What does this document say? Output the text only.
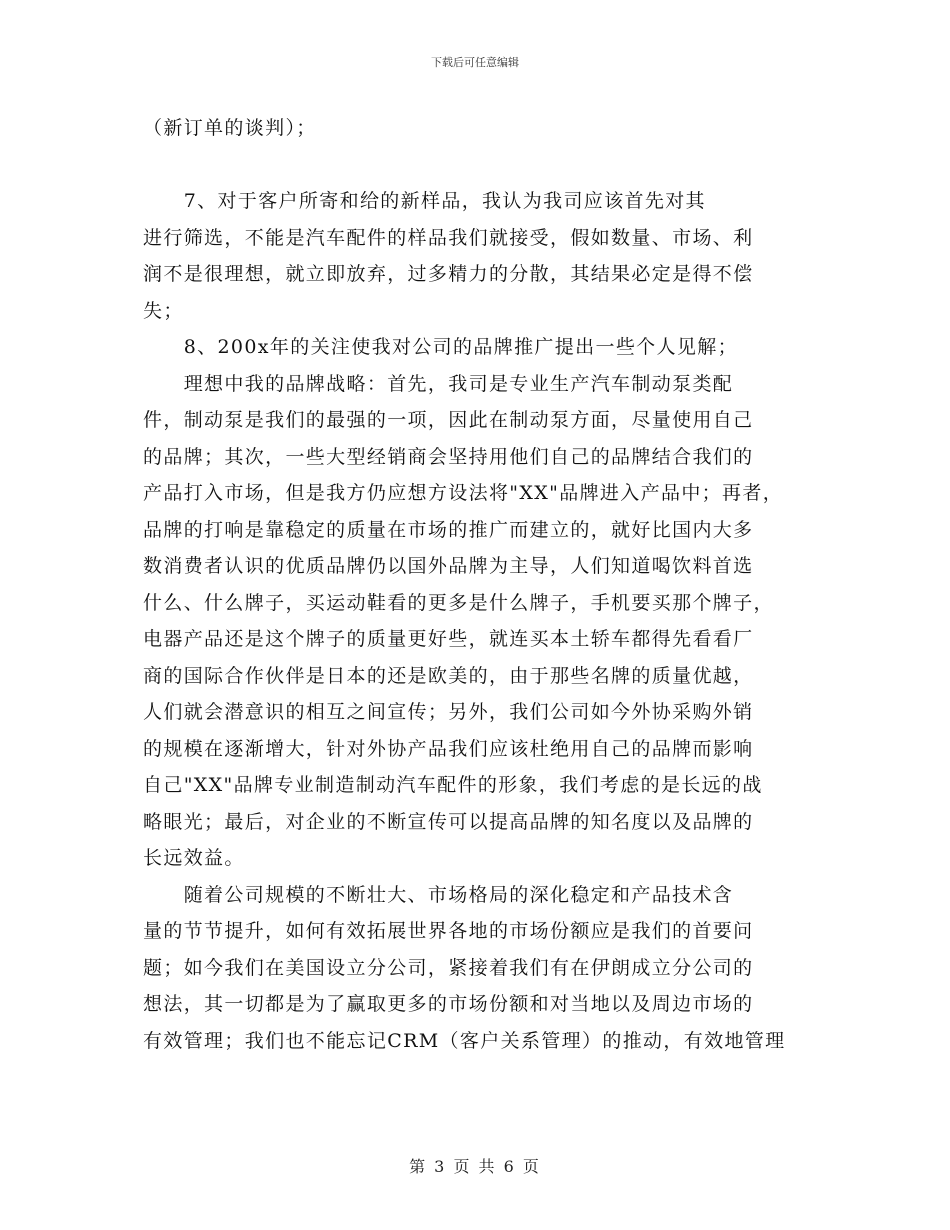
下载后可任意编辑
（新订单的谈判）；
　　7、对于客户所寄和给的新样品，我认为我司应该首先对其
进行筛选，不能是汽车配件的样品我们就接受，假如数量、市场、利
润不是很理想，就立即放弃，过多精力的分散，其结果必定是得不偿
失；
　　8、200x年的关注使我对公司的品牌推广提出一些个人见解；
　　理想中我的品牌战略：首先，我司是专业生产汽车制动泵类配
件，制动泵是我们的最强的一项，因此在制动泵方面，尽量使用自己
的品牌；其次，一些大型经销商会坚持用他们自己的品牌结合我们的
产品打入市场，但是我方仍应想方设法将"XX"品牌进入产品中；再者，
品牌的打响是靠稳定的质量在市场的推广而建立的，就好比国内大多
数消费者认识的优质品牌仍以国外品牌为主导，人们知道喝饮料首选
什么、什么牌子，买运动鞋看的更多是什么牌子，手机要买那个牌子，
电器产品还是这个牌子的质量更好些，就连买本土轿车都得先看看厂
商的国际合作伙伴是日本的还是欧美的，由于那些名牌的质量优越，
人们就会潜意识的相互之间宣传；另外，我们公司如今外协采购外销
的规模在逐渐增大，针对外协产品我们应该杜绝用自己的品牌而影响
自己"XX"品牌专业制造制动汽车配件的形象，我们考虑的是长远的战
略眼光；最后，对企业的不断宣传可以提高品牌的知名度以及品牌的
长远效益。
　　随着公司规模的不断壮大、市场格局的深化稳定和产品技术含
量的节节提升，如何有效拓展世界各地的市场份额应是我们的首要问
题；如今我们在美国设立分公司，紧接着我们有在伊朗成立分公司的
想法，其一切都是为了赢取更多的市场份额和对当地以及周边市场的
有效管理；我们也不能忘记CRM（客户关系管理）的推动，有效地管理
第 3 页 共 6 页
